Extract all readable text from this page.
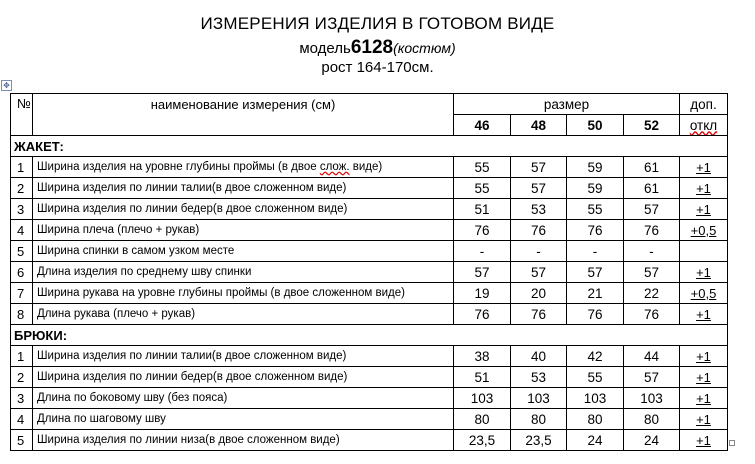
ИЗМЕРЕНИЯ ИЗДЕЛИЯ В ГОТОВОМ ВИДЕ
модель6128(костюм)
рост 164-170см.
✥
№	наименование измерения (см)	размер				доп.
		46	48	50	52	откл
ЖАКЕТ:						
1	Ширина изделия на уровне глубины проймы (в двое слож. виде)	55	57	59	61	+1
2	Ширина изделия по линии талии(в двое сложенном виде)	55	57	59	61	+1
3	Ширина изделия по линии бедер(в двое сложенном виде)	51	53	55	57	+1
4	Ширина плеча (плечо + рукав)	76	76	76	76	+0,5
5	Ширина спинки в самом узком месте	-	-	-	-	
6	Длина изделия по среднему шву спинки	57	57	57	57	+1
7	Ширина рукава на уровне глубины проймы (в двое сложенном виде)	19	20	21	22	+0,5
8	Длина рукава (плечо + рукав)	76	76	76	76	+1
БРЮКИ:						
1	Ширина изделия по линии талии(в двое сложенном виде)	38	40	42	44	+1
2	Ширина изделия по линии бедер(в двое сложенном виде)	51	53	55	57	+1
3	Длина по боковому шву (без пояса)	103	103	103	103	+1
4	Длина по шаговому шву	80	80	80	80	+1
5	Ширина изделия по линии низа(в двое сложенном виде)	23,5	23,5	24	24	+1
